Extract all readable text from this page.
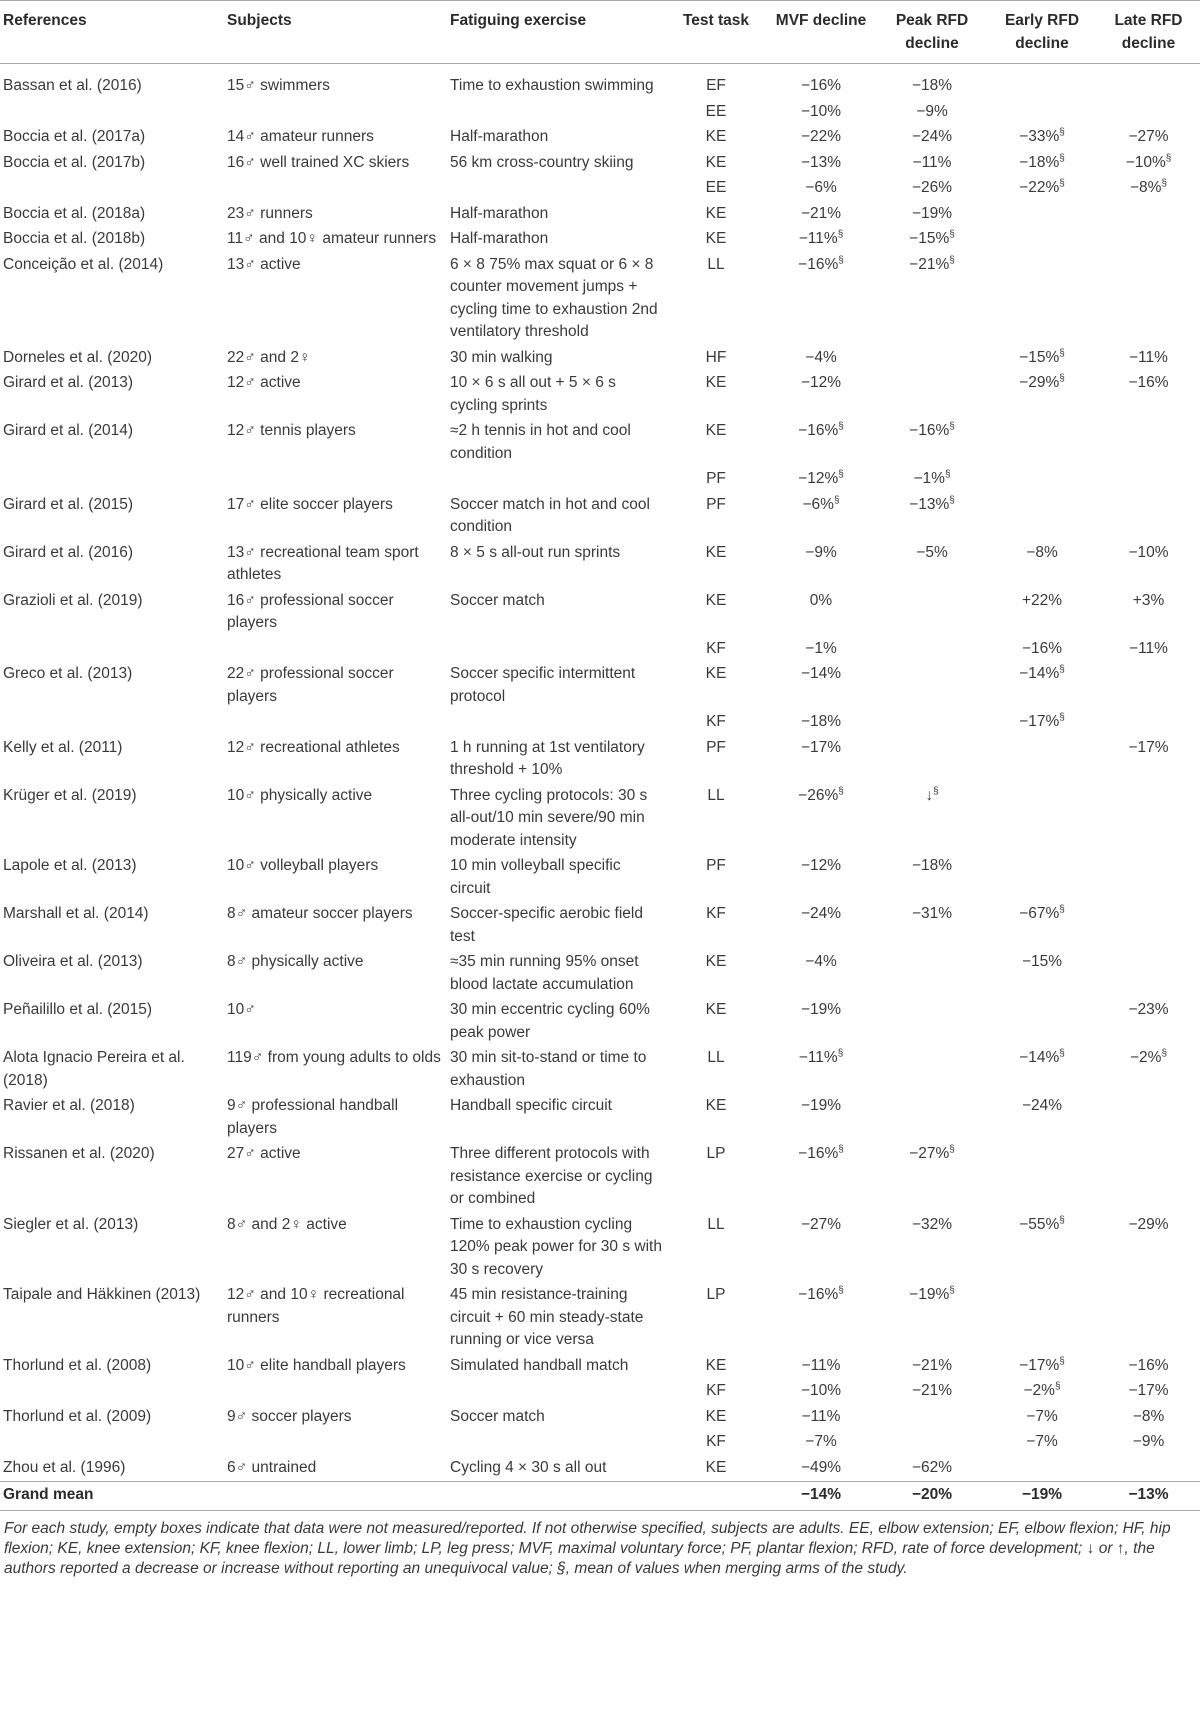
References	Subjects	Fatiguing exercise	Test task	MVF decline	Peak RFD decline	Early RFD decline	Late RFD decline
Bassan et al. (2016)	15♂ swimmers	Time to exhaustion swimming	EF	−16%	−18%		
			EE	−10%	−9%		
Boccia et al. (2017a)	14♂ amateur runners	Half-marathon	KE	−22%	−24%	−33%§	−27%
Boccia et al. (2017b)	16♂ well trained XC skiers	56 km cross-country skiing	KE	−13%	−11%	−18%§	−10%§
			EE	−6%	−26%	−22%§	−8%§
Boccia et al. (2018a)	23♂ runners	Half-marathon	KE	−21%	−19%		
Boccia et al. (2018b)	11♂ and 10♀ amateur runners	Half-marathon	KE	−11%§	−15%§		
Conceição et al. (2014)	13♂ active	6 × 8 75% max squat or 6 × 8 counter movement jumps + cycling time to exhaustion 2nd ventilatory threshold	LL	−16%§	−21%§		
Dorneles et al. (2020)	22♂ and 2♀	30 min walking	HF	−4%		−15%§	−11%
Girard et al. (2013)	12♂ active	10 × 6 s all out + 5 × 6 s cycling sprints	KE	−12%		−29%§	−16%
Girard et al. (2014)	12♂ tennis players	≈2 h tennis in hot and cool condition	KE	−16%§	−16%§		
			PF	−12%§	−1%§		
Girard et al. (2015)	17♂ elite soccer players	Soccer match in hot and cool condition	PF	−6%§	−13%§		
Girard et al. (2016)	13♂ recreational team sport athletes	8 × 5 s all-out run sprints	KE	−9%	−5%	−8%	−10%
Grazioli et al. (2019)	16♂ professional soccer players	Soccer match	KE	0%		+22%	+3%
			KF	−1%		−16%	−11%
Greco et al. (2013)	22♂ professional soccer players	Soccer specific intermittent protocol	KE	−14%		−14%§	
			KF	−18%		−17%§	
Kelly et al. (2011)	12♂ recreational athletes	1 h running at 1st ventilatory threshold + 10%	PF	−17%			−17%
Krüger et al. (2019)	10♂ physically active	Three cycling protocols: 30 s all-out/10 min severe/90 min moderate intensity	LL	−26%§	↓§		
Lapole et al. (2013)	10♂ volleyball players	10 min volleyball specific circuit	PF	−12%	−18%		
Marshall et al. (2014)	8♂ amateur soccer players	Soccer-specific aerobic field test	KF	−24%	−31%	−67%§	
Oliveira et al. (2013)	8♂ physically active	≈35 min running 95% onset blood lactate accumulation	KE	−4%		−15%	
Peñailillo et al. (2015)	10♂	30 min eccentric cycling 60% peak power	KE	−19%			−23%
Alota Ignacio Pereira et al. (2018)	119♂ from young adults to olds	30 min sit-to-stand or time to exhaustion	LL	−11%§		−14%§	−2%§
Ravier et al. (2018)	9♂ professional handball players	Handball specific circuit	KE	−19%		−24%	
Rissanen et al. (2020)	27♂ active	Three different protocols with resistance exercise or cycling or combined	LP	−16%§	−27%§		
Siegler et al. (2013)	8♂ and 2♀ active	Time to exhaustion cycling 120% peak power for 30 s with 30 s recovery	LL	−27%	−32%	−55%§	−29%
Taipale and Häkkinen (2013)	12♂ and 10♀ recreational runners	45 min resistance-training circuit + 60 min steady-state running or vice versa	LP	−16%§	−19%§		
Thorlund et al. (2008)	10♂ elite handball players	Simulated handball match	KE	−11%	−21%	−17%§	−16%
			KF	−10%	−21%	−2%§	−17%
Thorlund et al. (2009)	9♂ soccer players	Soccer match	KE	−11%		−7%	−8%
			KF	−7%		−7%	−9%
Zhou et al. (1996)	6♂ untrained	Cycling 4 × 30 s all out	KE	−49%	−62%		
Grand mean				−14%	−20%	−19%	−13%
For each study, empty boxes indicate that data were not measured/reported. If not otherwise specified, subjects are adults. EE, elbow extension; EF, elbow flexion; HF, hip flexion; KE, knee extension; KF, knee flexion; LL, lower limb; LP, leg press; MVF, maximal voluntary force; PF, plantar flexion; RFD, rate of force development; ↓ or ↑, the authors reported a decrease or increase without reporting an unequivocal value; §, mean of values when merging arms of the study.
